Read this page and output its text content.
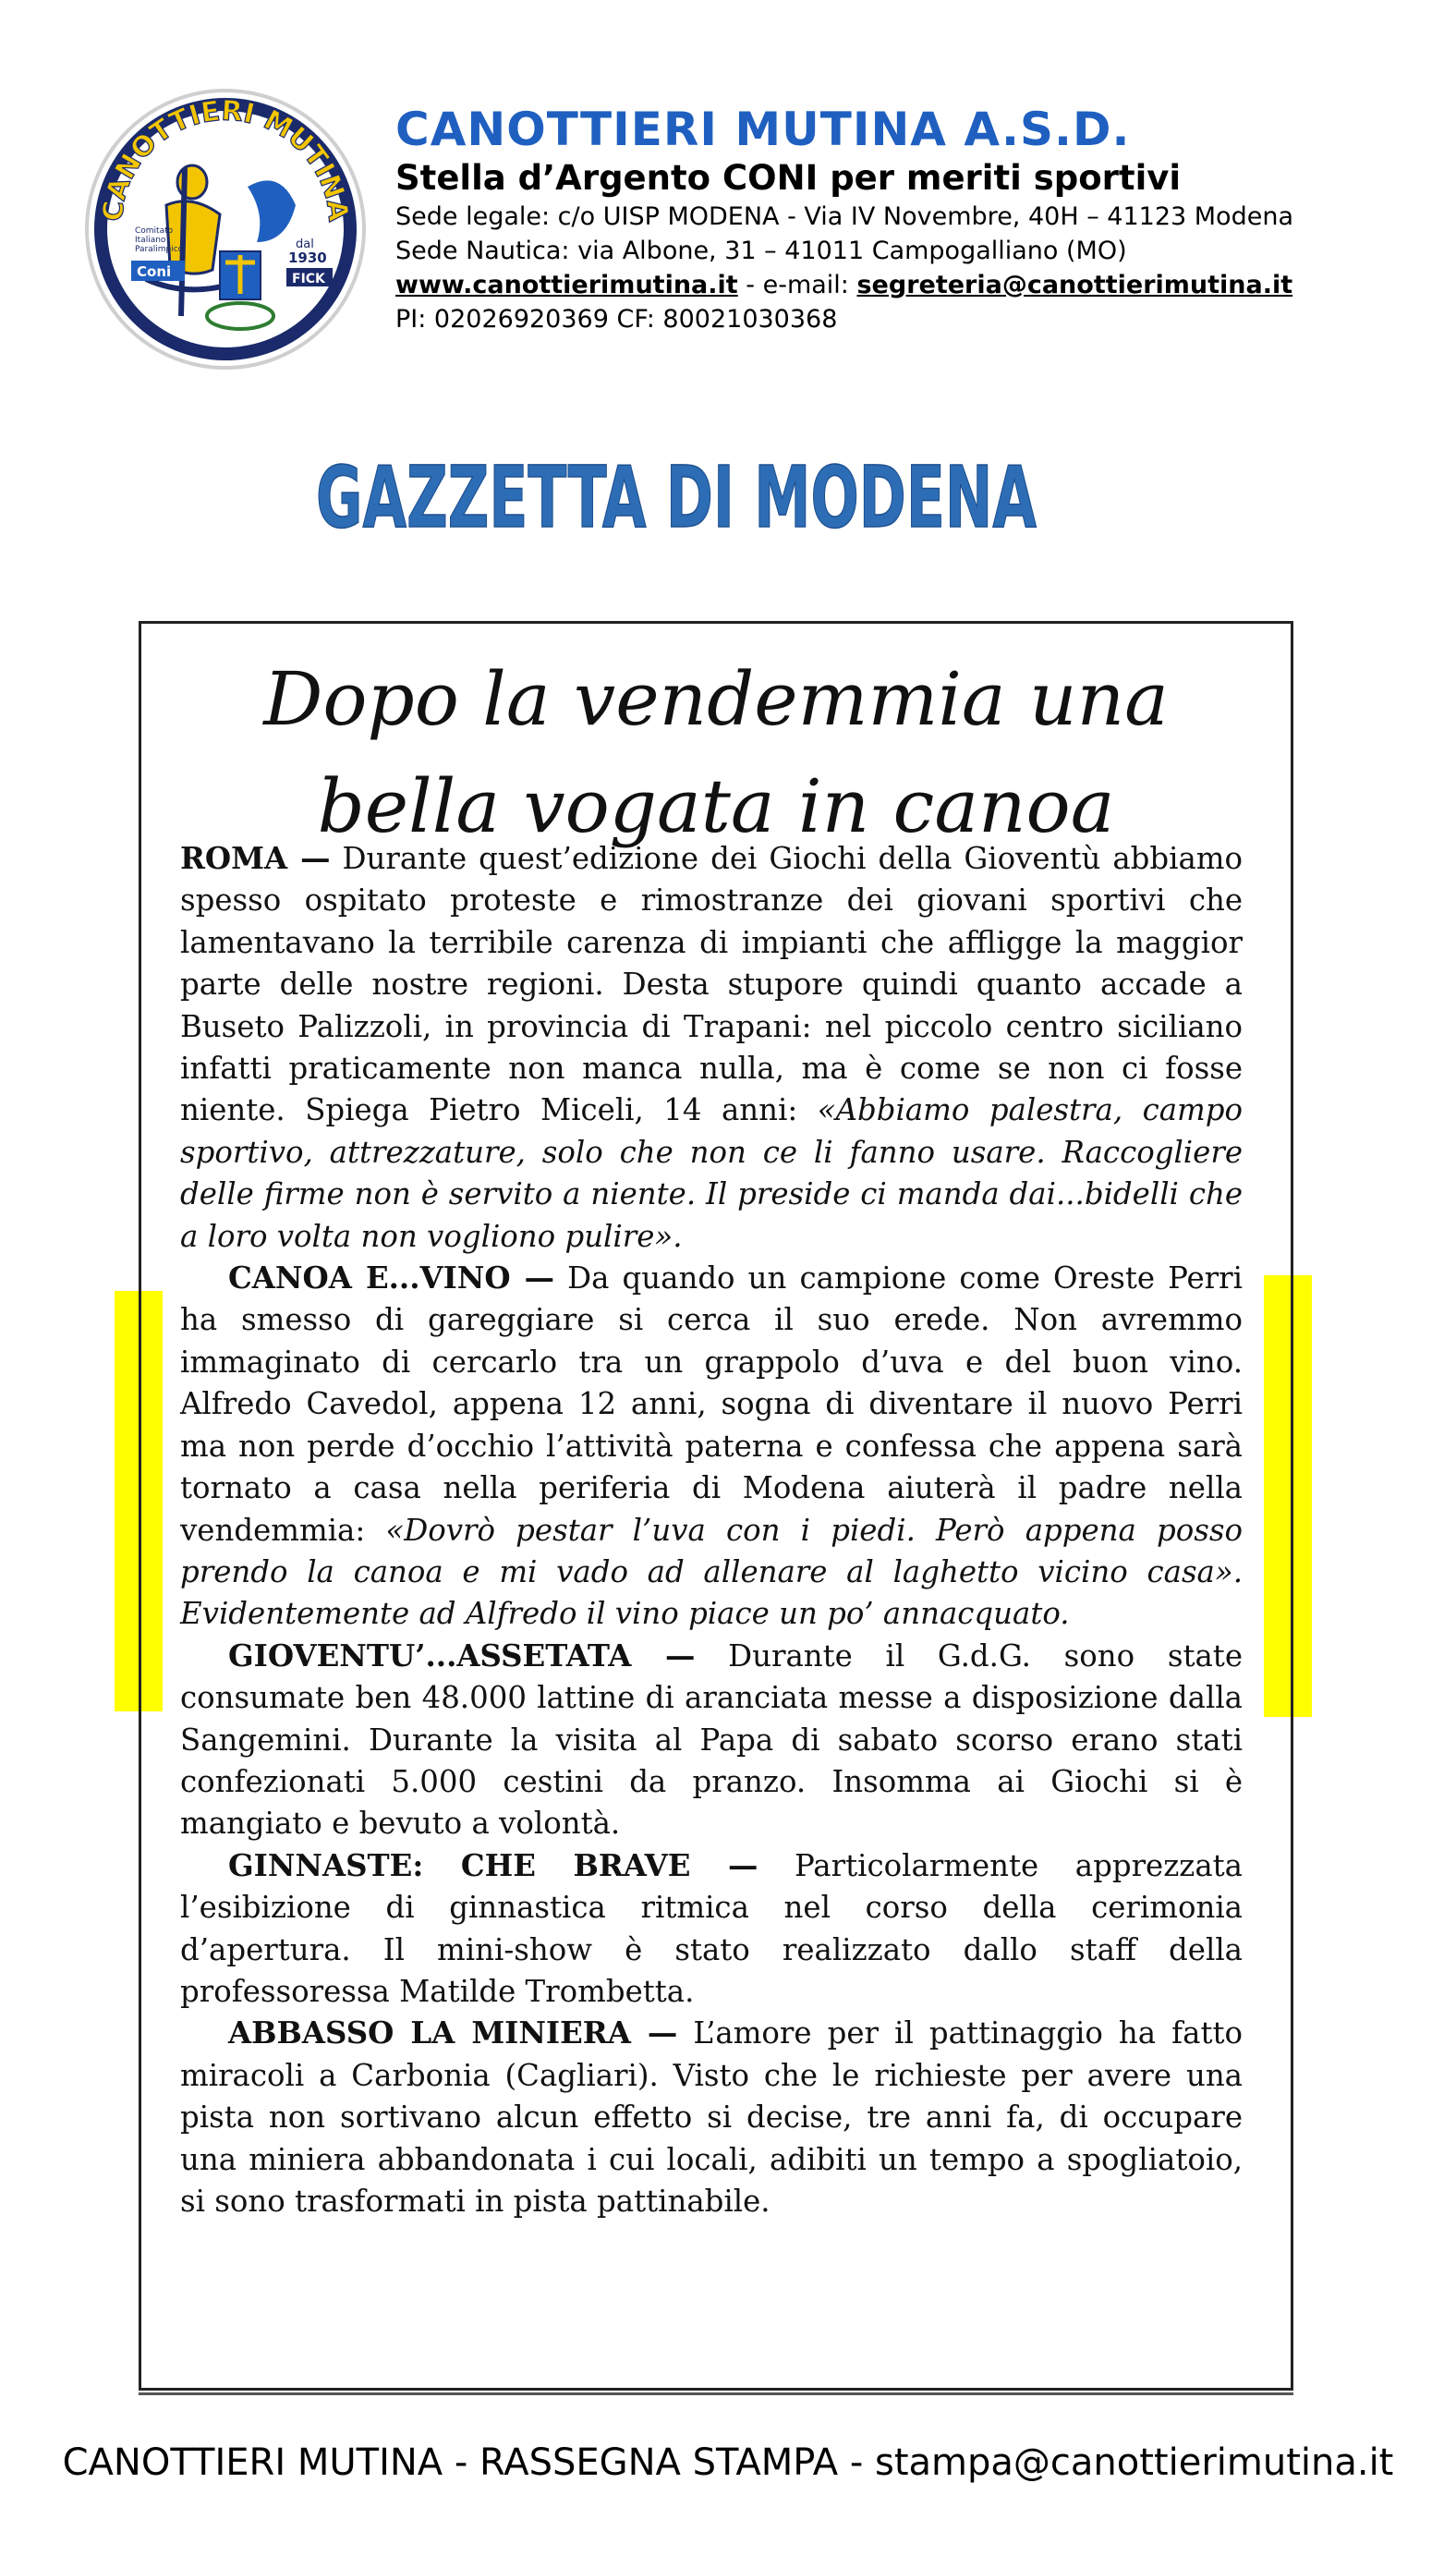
CANOTTIERI MUTINA
Comitato
Italiano
Paralimpico
Coni
dal
1930
FICK
CANOTTIERI MUTINA A.S.D.
Stella d’Argento CONI per meriti sportivi
Sede legale: c/o UISP MODENA - Via IV Novembre, 40H – 41123 Modena
Sede Nautica: via Albone, 31 – 41011 Campogalliano (MO)
www.canottierimutina.it - e-mail: segreteria@canottierimutina.it
PI: 02026920369 CF: 80021030368
GAZZETTA DI MODENA
Dopo la vendemmia una
bella vogata in canoa

ROMA — Durante quest’edizione dei Giochi della Gioventù abbiamo spesso ospitato proteste e rimostranze dei giovani sportivi che lamentavano la terribile carenza di impianti che affligge la maggior parte delle nostre regioni. Desta stupore quindi quanto accade a Buseto Palizzoli, in provincia di Trapani: nel piccolo centro siciliano infatti praticamente non manca nulla, ma è come se non ci fosse niente. Spiega Pietro Miceli, 14 anni: «Abbiamo palestra, campo sportivo, attrezzature, solo che non ce li fanno usare. Raccogliere delle firme non è servito a niente. Il preside ci manda dai...bidelli che a loro volta non vogliono pulire».

CANOA E...VINO — Da quando un campione come Oreste Perri ha smesso di gareggiare si cerca il suo erede. Non avremmo immaginato di cercarlo tra un grappolo d’uva e del buon vino. Alfredo Cavedol, appena 12 anni, sogna di diventare il nuovo Perri ma non perde d’occhio l’attività paterna e confessa che appena sarà tornato a casa nella periferia di Modena aiuterà il padre nella vendemmia: «Dovrò pestar l’uva con i piedi. Però appena posso prendo la canoa e mi vado ad allenare al laghetto vicino casa». Evidentemente ad Alfredo il vino piace un po’ annacquato.

GIOVENTU’...ASSETATA — Durante il G.d.G. sono state consumate ben 48.000 lattine di aranciata messe a disposizione dalla Sangemini. Durante la visita al Papa di sabato scorso erano stati confezionati 5.000 cestini da pranzo. Insomma ai Giochi si è mangiato e bevuto a volontà.

GINNASTE: CHE BRAVE — Particolarmente apprezzata l’esibizione di ginnastica ritmica nel corso della cerimonia d’apertura. Il mini-show è stato realizzato dallo staff della professoressa Matilde Trombetta.

ABBASSO LA MINIERA — L’amore per il pattinaggio ha fatto miracoli a Carbonia (Cagliari). Visto che le richieste per avere una pista non sortivano alcun effetto si decise, tre anni fa, di occupare una miniera abbandonata i cui locali, adibiti un tempo a spogliatoio, si sono trasformati in pista pattinabile.

CANOTTIERI MUTINA - RASSEGNA STAMPA - stampa@canottierimutina.it
